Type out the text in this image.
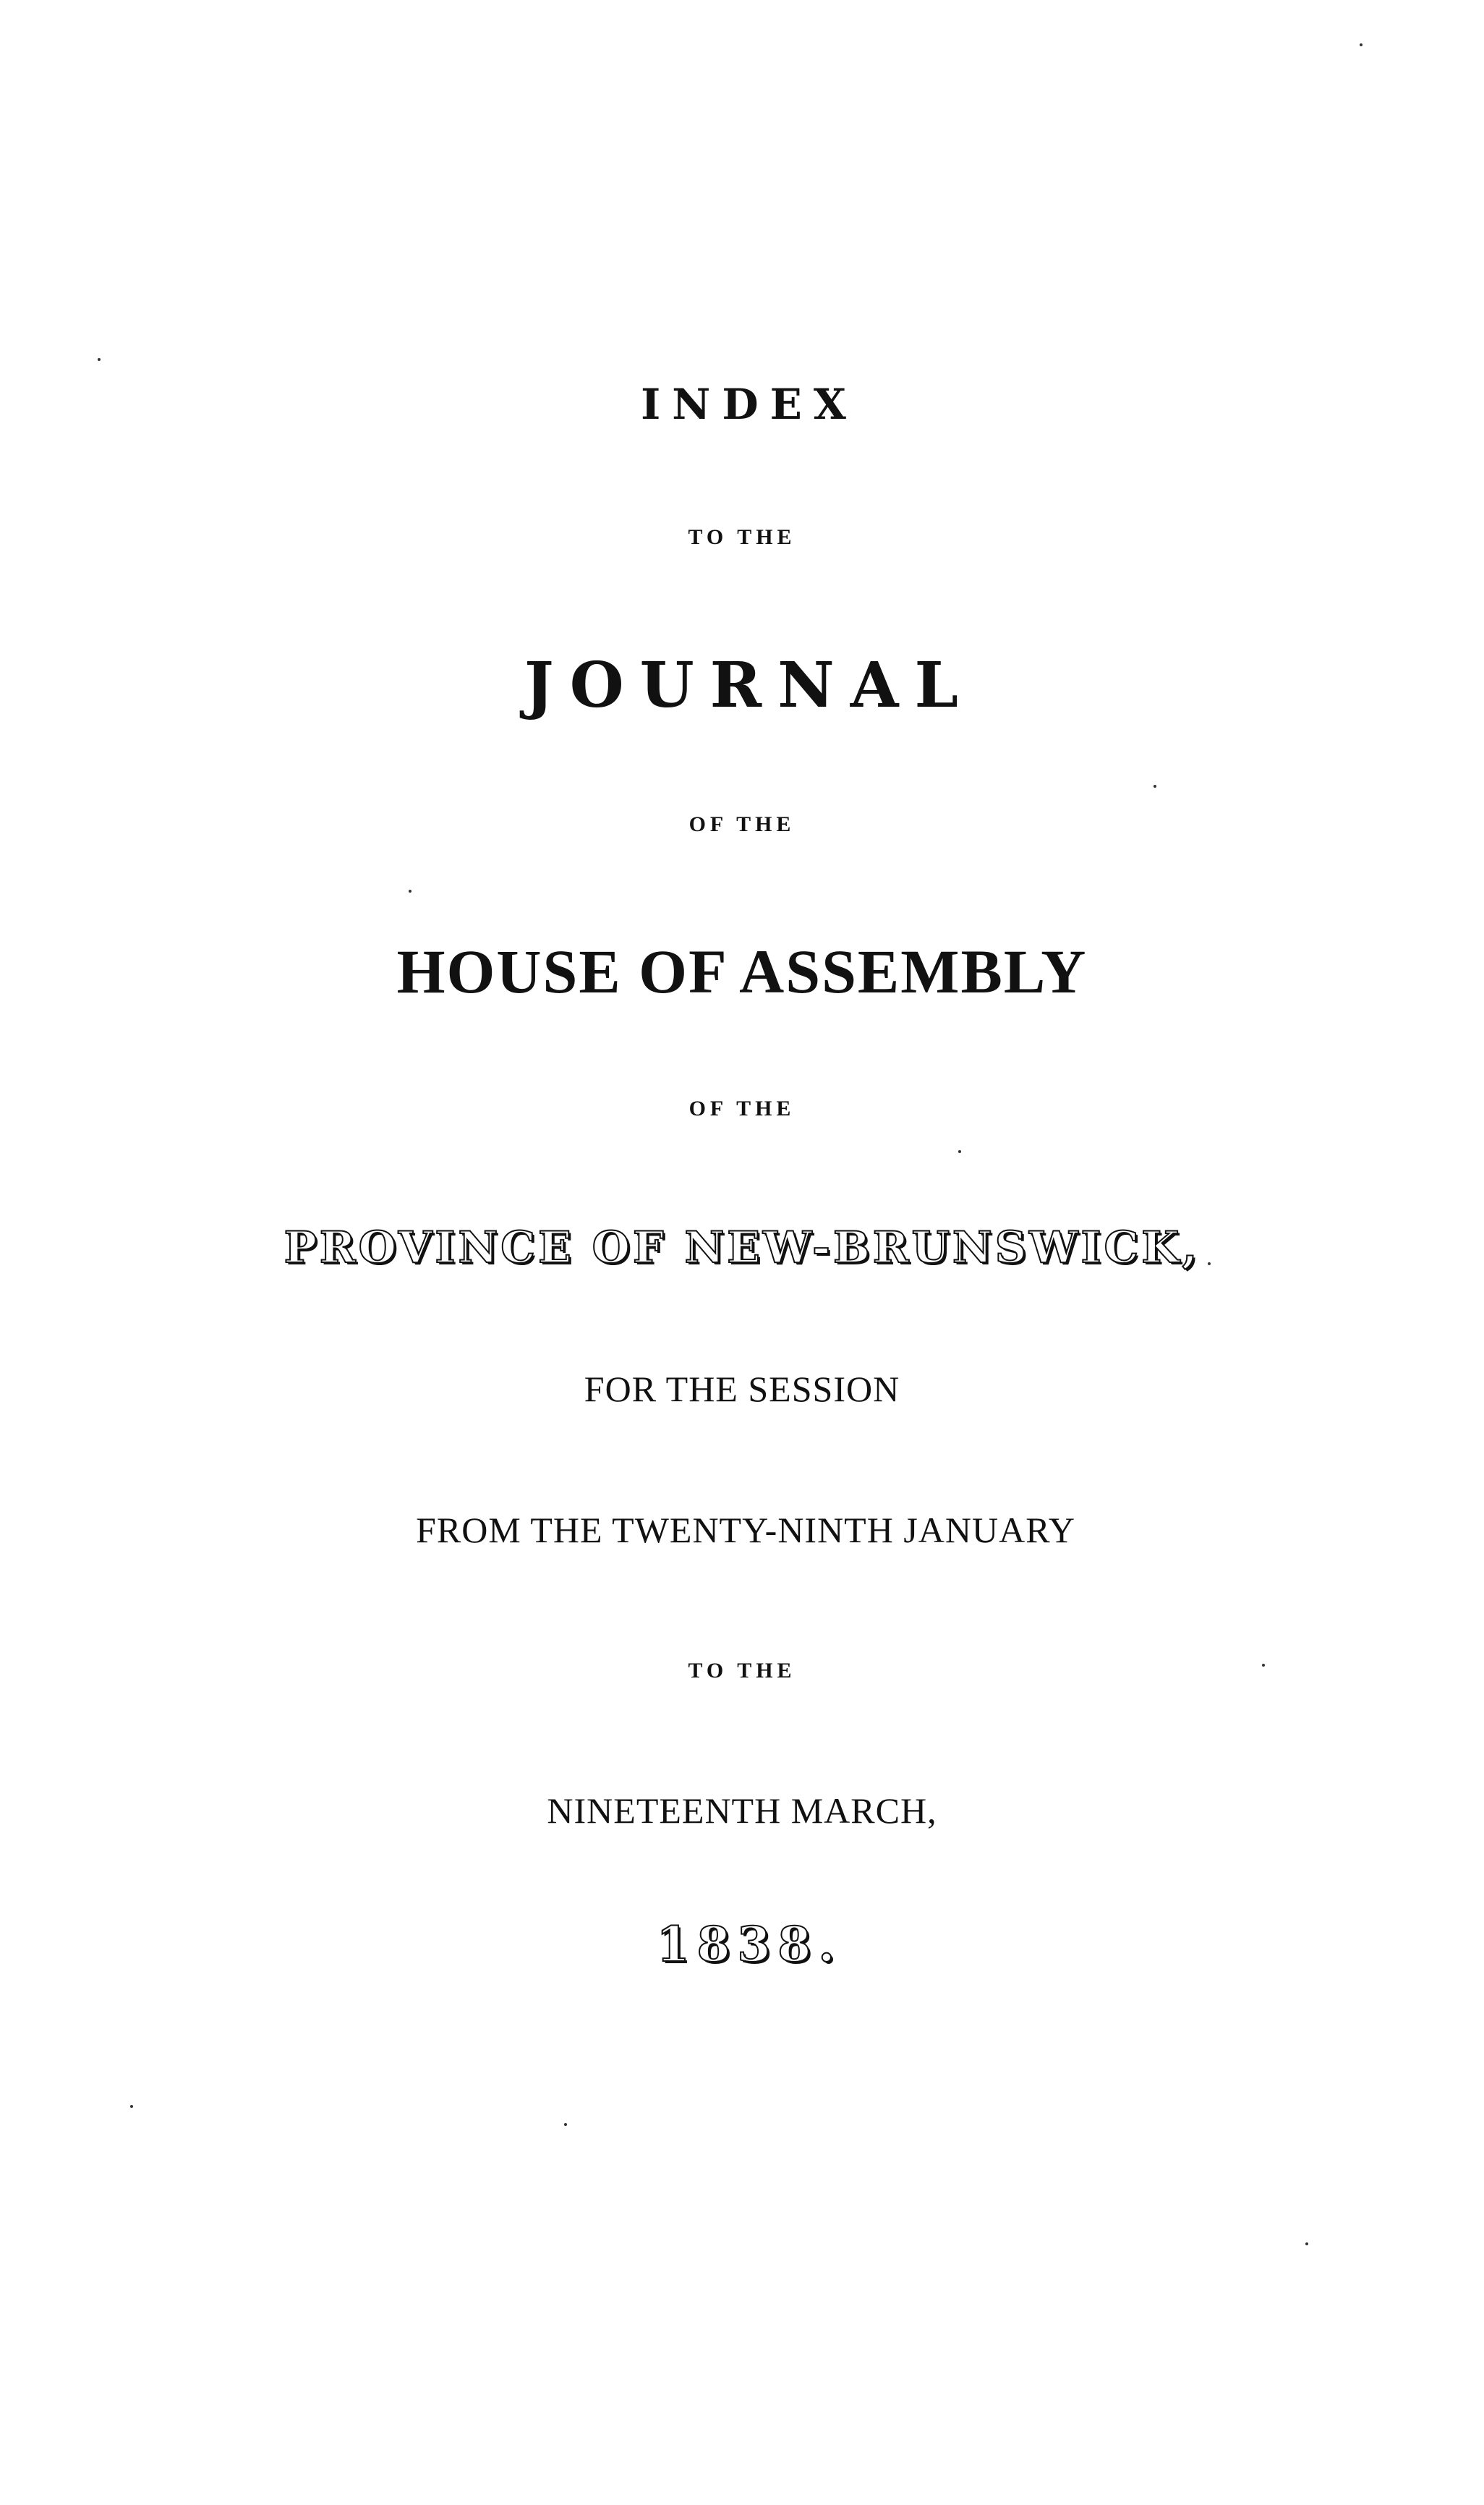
INDEX
TO THE
JOURNAL
OF THE
HOUSE OF ASSEMBLY
OF THE
PROVINCE OF NEW-BRUNSWICK,
FOR THE SESSION
FROM THE TWENTY-NINTH JANUARY
TO THE
NINETEENTH MARCH,
1838.
